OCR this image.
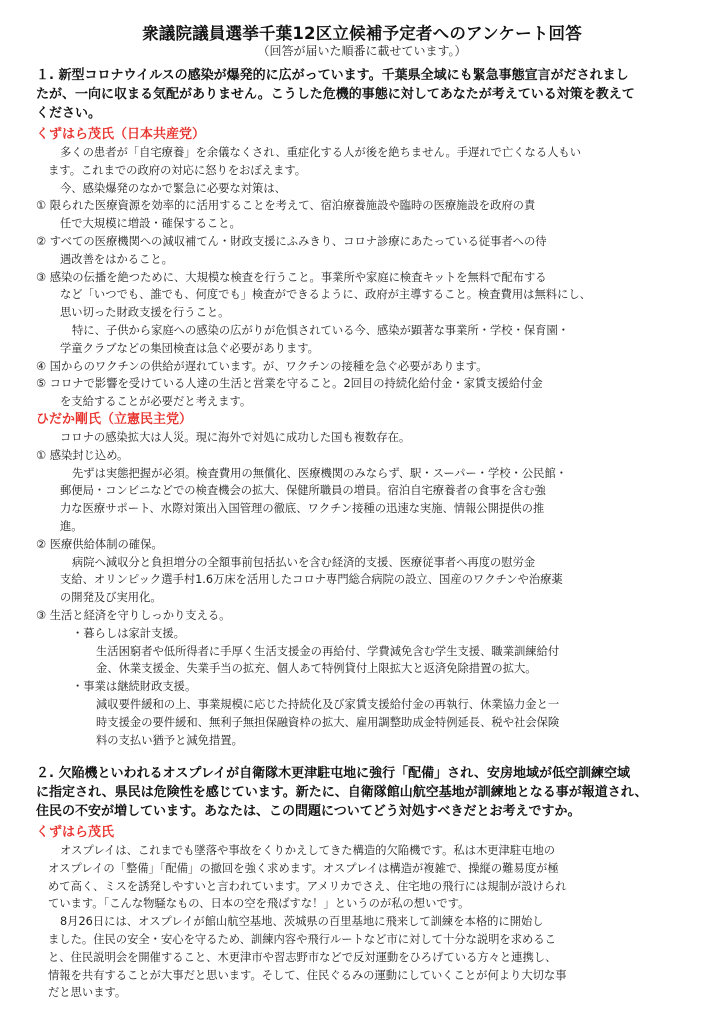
衆議院議員選挙千葉12区立候補予定者へのアンケート回答
（回答が届いた順番に載せています。）
１. 新型コロナウイルスの感染が爆発的に広がっています。千葉県全域にも緊急事態宣言がだされまし
たが、一向に収まる気配がありません。こうした危機的事態に対してあなたが考えている対策を教えて
ください。
くずはら茂氏（日本共産党）
多くの患者が「自宅療養」を余儀なくされ、重症化する人が後を絶ちません。手遅れで亡くなる人もい
ます。これまでの政府の対応に怒りをおぼえます。
今、感染爆発のなかで緊急に必要な対策は、
① 限られた医療資源を効率的に活用することを考えて、宿泊療養施設や臨時の医療施設を政府の責
任で大規模に増設・確保すること。
② すべての医療機関への減収補てん・財政支援にふみきり、コロナ診療にあたっている従事者への待
遇改善をはかること。
③ 感染の伝播を絶つために、大規模な検査を行うこと。事業所や家庭に検査キットを無料で配布する
など「いつでも、誰でも、何度でも」検査ができるように、政府が主導すること。検査費用は無料にし、
思い切った財政支援を行うこと。
特に、子供から家庭への感染の広がりが危惧されている今、感染が顕著な事業所・学校・保育園・
学童クラブなどの集団検査は急ぐ必要があります。
④ 国からのワクチンの供給が遅れています。が、ワクチンの接種を急ぐ必要があります。
⑤ コロナで影響を受けている人達の生活と営業を守ること。2回目の持続化給付金・家賃支援給付金
を支給することが必要だと考えます。
ひだか剛氏（立憲民主党）
コロナの感染拡大は人災。現に海外で対処に成功した国も複数存在。
① 感染封じ込め。
先ずは実態把握が必須。検査費用の無償化、医療機関のみならず、駅・スーパー・学校・公民館・
郵便局・コンビニなどでの検査機会の拡大、保健所職員の増員。宿泊自宅療養者の食事を含む強
力な医療サポート、水際対策出入国管理の徹底、ワクチン接種の迅速な実施、情報公開提供の推
進。
② 医療供給体制の確保。
病院へ減収分と負担増分の全額事前包括払いを含む経済的支援、医療従事者へ再度の慰労金
支給、オリンピック選手村1.6万床を活用したコロナ専門総合病院の設立、国産のワクチンや治療薬
の開発及び実用化。
③ 生活と経済を守りしっかり支える。
・暮らしは家計支援。
生活困窮者や低所得者に手厚く生活支援金の再給付、学費減免含む学生支援、職業訓練給付
金、休業支援金、失業手当の拡充、個人あて特例貸付上限拡大と返済免除措置の拡大。
・事業は継続財政支援。
減収要件緩和の上、事業規模に応じた持続化及び家賃支援給付金の再執行、休業協力金と一
時支援金の要件緩和、無利子無担保融資枠の拡大、雇用調整助成金特例延長、税や社会保険
料の支払い猶予と減免措置。
２. 欠陥機といわれるオスプレイが自衛隊木更津駐屯地に強行「配備」され、安房地域が低空訓練空域
に指定され、県民は危険性を感じています。新たに、自衛隊館山航空基地が訓練地となる事が報道され、
住民の不安が増しています。あなたは、この問題についてどう対処すべきだとお考えですか。
くずはら茂氏
オスプレイは、これまでも墜落や事故をくりかえしてきた構造的欠陥機です。私は木更津駐屯地の
オスプレイの「整備」「配備」の撤回を強く求めます。オスプレイは構造が複雑で、操縦の難易度が極
めて高く、ミスを誘発しやすいと言われています。アメリカでさえ、住宅地の飛行には規制が設けられ
ています。「こんな物騒なもの、日本の空を飛ばすな！」というのが私の想いです。
8月26日には、オスプレイが館山航空基地、茨城県の百里基地に飛来して訓練を本格的に開始し
ました。住民の安全・安心を守るため、訓練内容や飛行ルートなど市に対して十分な説明を求めるこ
と、住民説明会を開催すること、木更津市や習志野市などで反対運動をひろげている方々と連携し、
情報を共有することが大事だと思います。そして、住民ぐるみの運動にしていくことが何より大切な事
だと思います。
